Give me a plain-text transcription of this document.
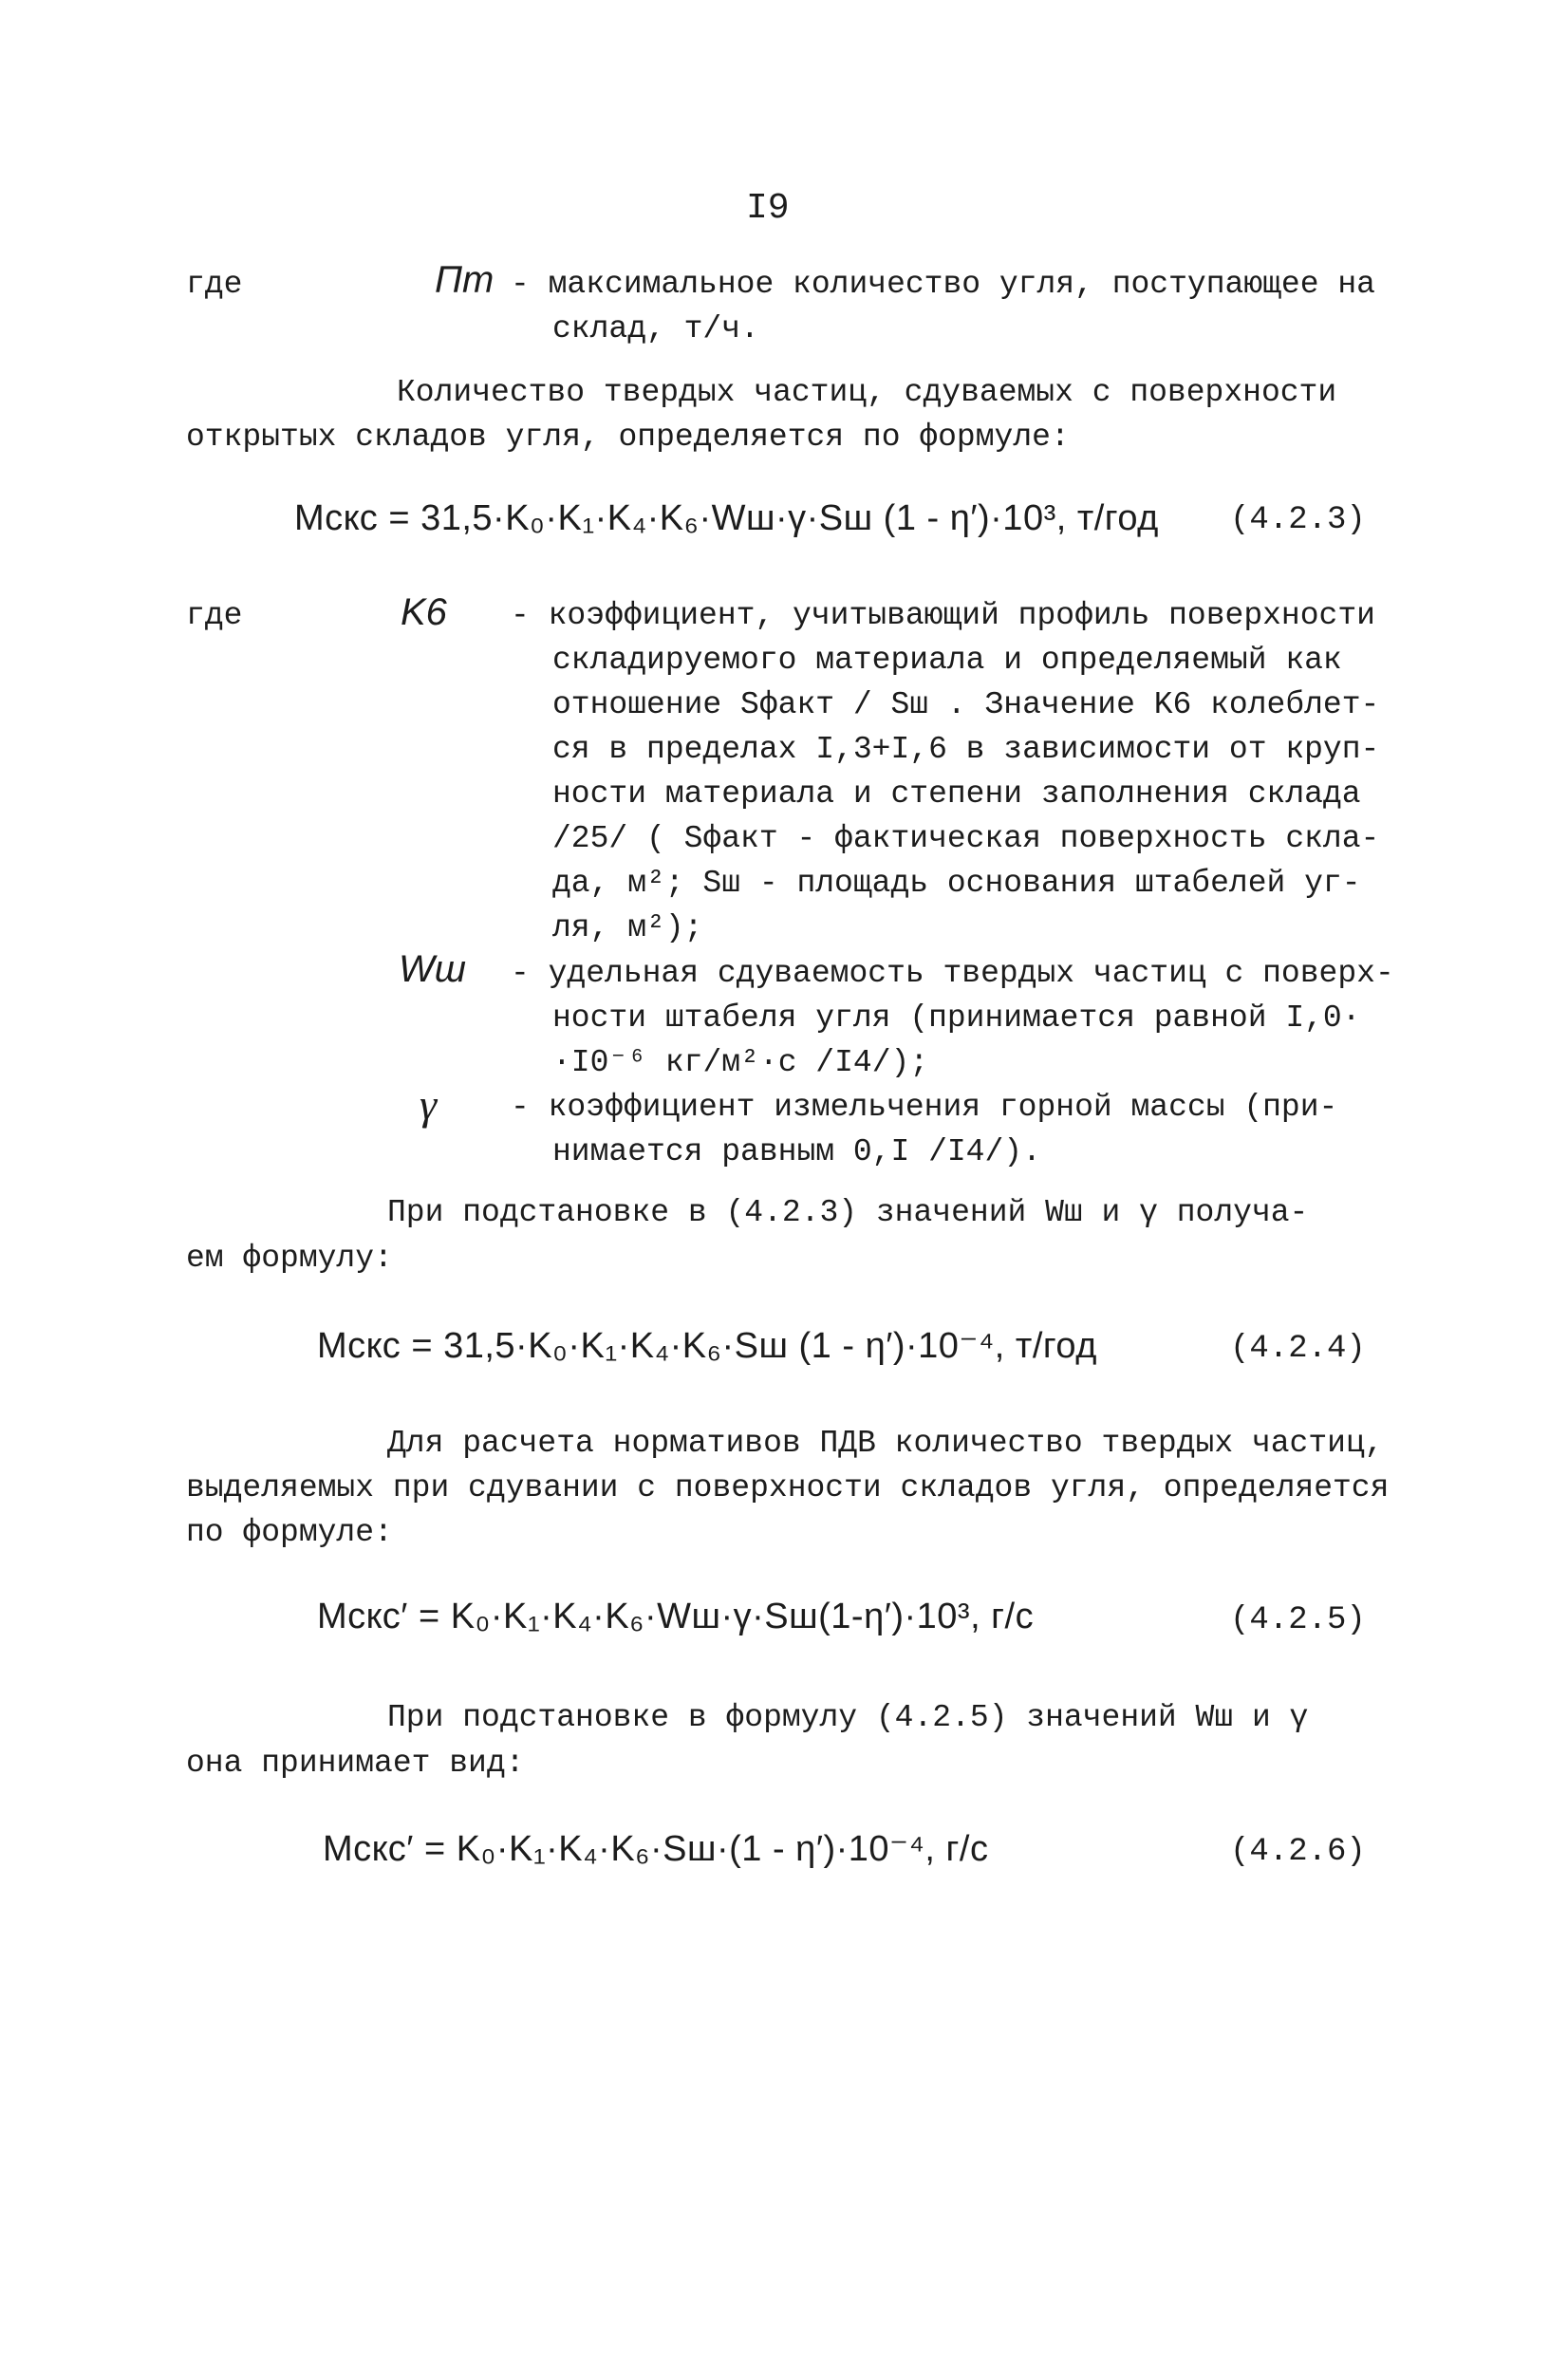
I9
где	Пт - максимальное количество угля, поступающее на
склад, т/ч.
Количество твердых частиц, сдуваемых с поверхности
открытых складов угля, определяется по формуле:
Mскc = 31,5·K₀·K₁·K₄·K₆·Wш·γ·Sш (1 - η′)·10³, т/год (4.2.3)
где	K6 - коэффициент, учитывающий профиль поверхности
складируемого материала и определяемый как
отношение Sфакт / Sш . Значение K6 колеблет-
ся в пределах I,3+I,6 в зависимости от круп-
ности материала и степени заполнения склада
/25/ ( Sфакт - фактическая поверхность скла-
да, м²; Sш - площадь основания штабелей уг-
ля, м²);
Wш - удельная сдуваемость твердых частиц с поверх-
ности штабеля угля (принимается равной I,0·
·I0⁻⁶ кг/м²·с /I4/);
γ - коэффициент измельчения горной массы (при-
нимается равным 0,I /I4/).
При подстановке в (4.2.3) значений Wш и γ получа-
ем формулу:
Mскc = 31,5·K₀·K₁·K₄·K₆·Sш (1 - η′)·10⁻⁴, т/год	(4.2.4)
Для расчета нормативов ПДВ количество твердых частиц,
выделяемых при сдувании с поверхности складов угля, определяется
по формуле:
Mскc′ = K₀·K₁·K₄·K₆·Wш·γ·Sш(1-η′)·10³, г/с	(4.2.5)
При подстановке в формулу (4.2.5) значений Wш и γ
она принимает вид:
Mскc′ = K₀·K₁·K₄·K₆·Sш·(1 - η′)·10⁻⁴, г/с	(4.2.6)
